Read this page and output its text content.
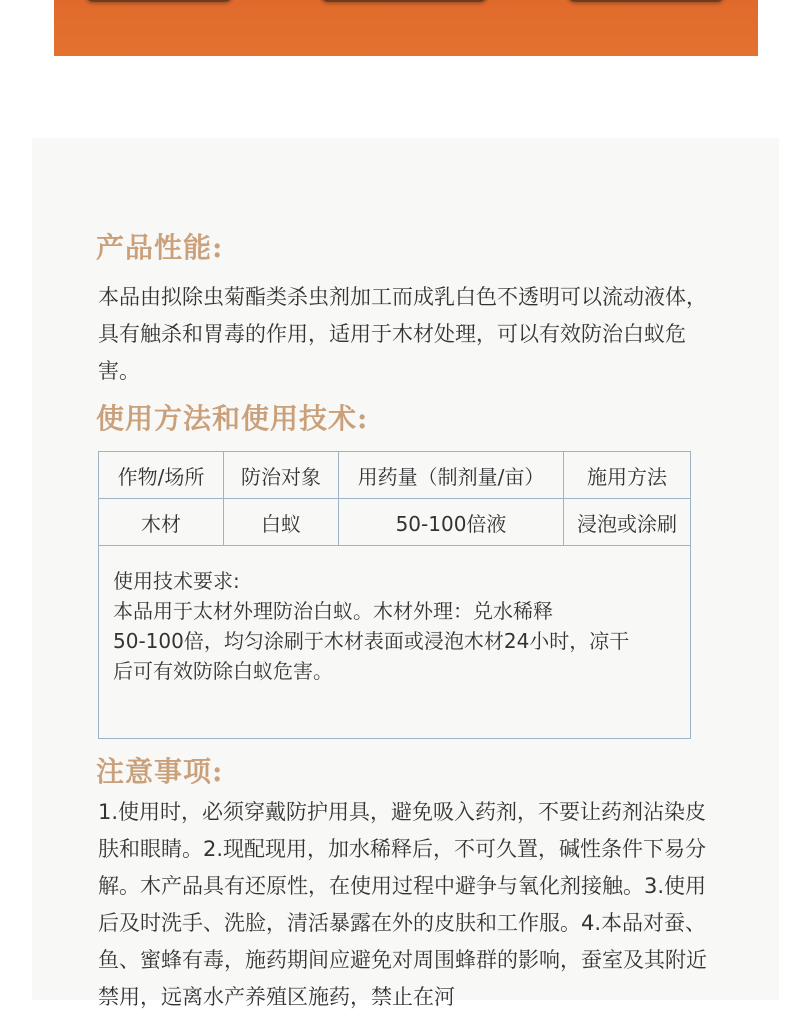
产品性能:

本品由拟除虫菊酯类杀虫剂加工而成乳白色不透明可以流动液体，具有触杀和胃毒的作用，适用于木材处理，可以有效防治白蚁危害。

使用方法和使用技术:
作物/场所	防治对象	用药量（制剂量/亩）	施用方法
木材	白蚁	50-100倍液	浸泡或涂刷
使用技术要求:
本品用于太材外理防治白蚁。木材外理：兑水稀释
50-100倍，均匀涂刷于木材表面或浸泡木材24小时，凉干
后可有效防除白蚁危害。			
注意事项:

1.使用时，必须穿戴防护用具，避免吸入药剂，不要让药剂沾染皮肤和眼睛。2.现配现用，加水稀释后，不可久置，碱性条件下易分解。木产品具有还原性，在使用过程中避争与氧化剂接触。3.使用后及时洗手、洗脸，清活暴露在外的皮肤和工作服。4.本品对蚕、鱼、蜜蜂有毒，施药期间应避免对周围蜂群的影响，蚕室及其附近禁用，远离水产养殖区施药，禁止在河
